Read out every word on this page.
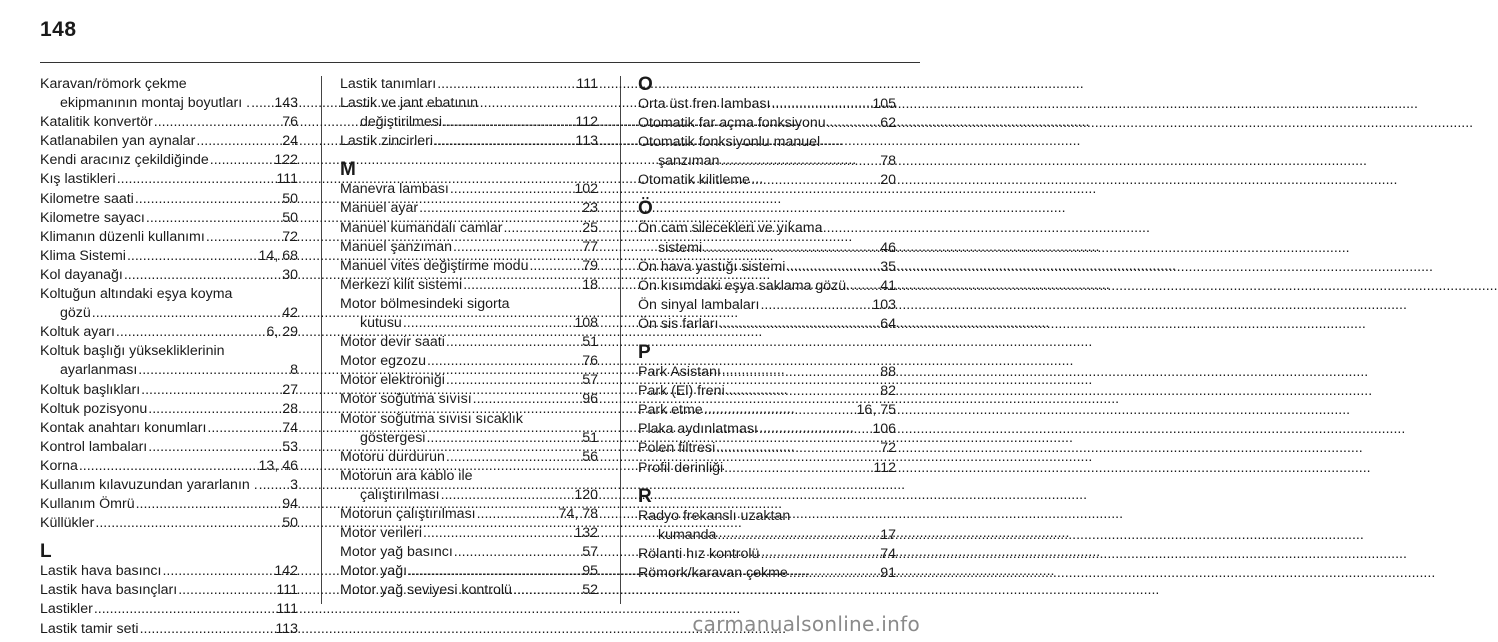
148
Karavan/römork çekme
ekipmanının montaj boyutları . ..... 143
Katalitik konvertör .....	76
Katlanabilen yan aynalar .....	24
Kendi aracınız çekildiğinde .....	122
Kış lastikleri .....	111
Kilometre saati .....	50
Kilometre sayacı .....	50
Klimanın düzenli kullanımı .....	72
Klima Sistemi .....	14, 68
Kol dayanağı .....	30
Koltuğun altındaki eşya koyma
gözü .....	42
Koltuk ayarı .....	6, 29
Koltuk başlığı yüksekliklerinin
ayarlanması .....	8
Koltuk başlıkları .....	27
Koltuk pozisyonu .....	28
Kontak anahtarı konumları .....	74
Kontrol lambaları .....	53
Korna .....	13, 46
Kullanım kılavuzundan yararlanın . ..... 3
Kullanım Ömrü .....	94
Küllükler .....	50
L
Lastik hava basıncı .....	142
Lastik hava basınçları .....	111
Lastikler .....	111
Lastik tamir seti .....	113
Lastik tanımları .....	111
Lastik ve jant ebatının
değiştirilmesi .....	112
Lastik zincirleri .....	113
M
Manevra lambası .....	102
Manuel ayar .....	23
Manuel kumandalı camlar .....	25
Manuel şanzıman .....	77
Manuel vites değiştirme modu .....	79
Merkezi kilit sistemi .....	18
Motor bölmesindeki sigorta
kutusu .....	108
Motor devir saati .....	51
Motor egzozu .....	76
Motor elektroniği .....	57
Motor soğutma sıvısı .....	96
Motor soğutma sıvısı sıcaklık
göstergesi .....	51
Motoru durdurun .....	56
Motorun ara kablo ile
çalıştırılması .....	120
Motorun çalıştırılması .....	74, 78
Motor verileri .....	132
Motor yağ basıncı .....	57
Motor yağı .....	95
Motor yağ seviyesi kontrolü .....	52
O
Orta üst fren lambası .....	105
Otomatik far açma fonksiyonu .....	62
Otomatik fonksiyonlu manuel
şanzıman .....	78
Otomatik kilitleme .....	20
Ö
Ön cam silecekleri ve yıkama
sistemi .....	46
Ön hava yastığı sistemi .....	35
Ön kısımdaki eşya saklama gözü. ..... 41
Ön sinyal lambaları .....	103
Ön sis farları .....	64
P
Park Asistanı .....	88
Park (El) freni .....	82
Park etme .....	16, 75
Plaka aydınlatması .....	106
Polen filtresi .....	72
Profil derinliği .....	112
R
Radyo frekanslı uzaktan
kumanda .....	17
Rölanti hız kontrolü .....	74
Römork/karavan çekme .....	91
carmanualsonline.info
